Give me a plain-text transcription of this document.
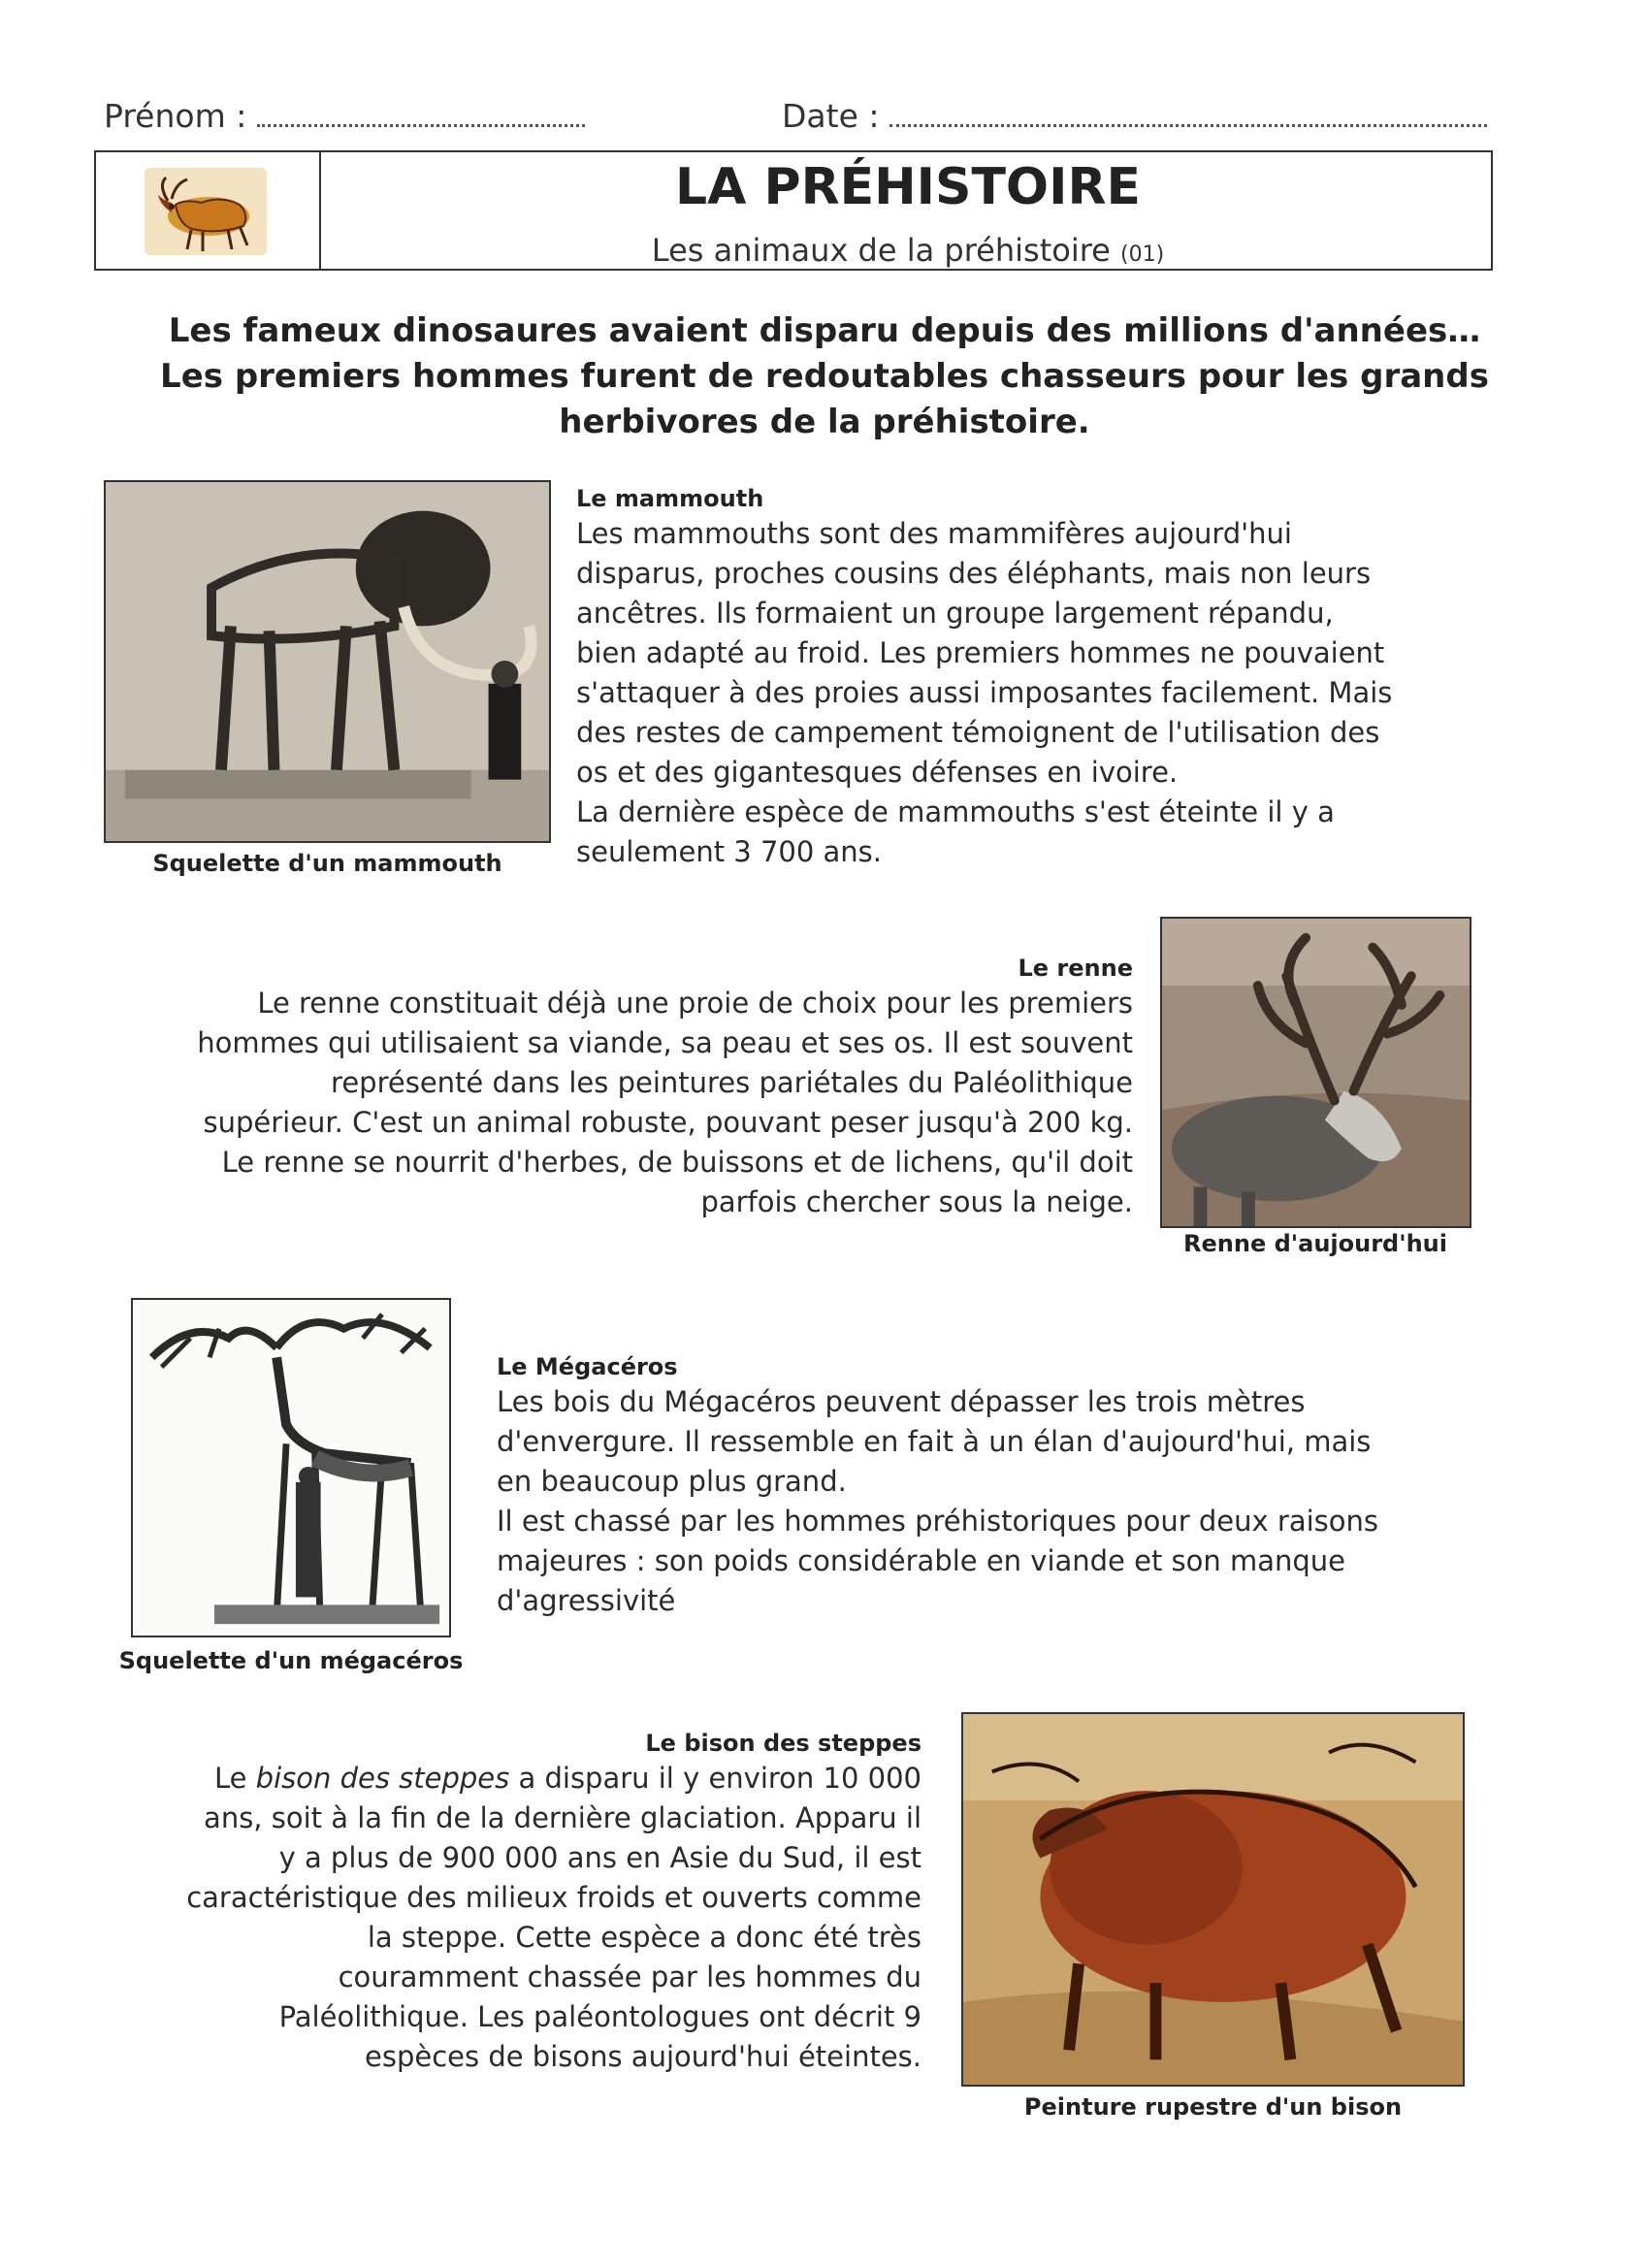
Prénom :	Date :
LA PRÉHISTOIRE
Les animaux de la préhistoire (01)
Les fameux dinosaures avaient disparu depuis des millions d'années…
Les premiers hommes furent de redoutables chasseurs pour les grands
herbivores de la préhistoire.
Squelette d'un mammouth
Le mammouth
Les mammouths sont des mammifères aujourd'hui
disparus, proches cousins des éléphants, mais non leurs
ancêtres. Ils formaient un groupe largement répandu,
bien adapté au froid. Les premiers hommes ne pouvaient
s'attaquer à des proies aussi imposantes facilement. Mais
des restes de campement témoignent de l'utilisation des
os et des gigantesques défenses en ivoire.
La dernière espèce de mammouths s'est éteinte il y a
seulement 3 700 ans.
Le renne
Le renne constituait déjà une proie de choix pour les premiers
hommes qui utilisaient sa viande, sa peau et ses os. Il est souvent
représenté dans les peintures pariétales du Paléolithique
supérieur. C'est un animal robuste, pouvant peser jusqu'à 200 kg.
Le renne se nourrit d'herbes, de buissons et de lichens, qu'il doit
parfois chercher sous la neige.
Renne d'aujourd'hui
Squelette d'un mégacéros
Le Mégacéros
Les bois du Mégacéros peuvent dépasser les trois mètres
d'envergure. Il ressemble en fait à un élan d'aujourd'hui, mais
en beaucoup plus grand.
Il est chassé par les hommes préhistoriques pour deux raisons
majeures : son poids considérable en viande et son manque
d'agressivité
Le bison des steppes
Le bison des steppes a disparu il y environ 10 000
ans, soit à la fin de la dernière glaciation. Apparu il
y a plus de 900 000 ans en Asie du Sud, il est
caractéristique des milieux froids et ouverts comme
la steppe. Cette espèce a donc été très
couramment chassée par les hommes du
Paléolithique. Les paléontologues ont décrit 9
espèces de bisons aujourd'hui éteintes.
Peinture rupestre d'un bison
